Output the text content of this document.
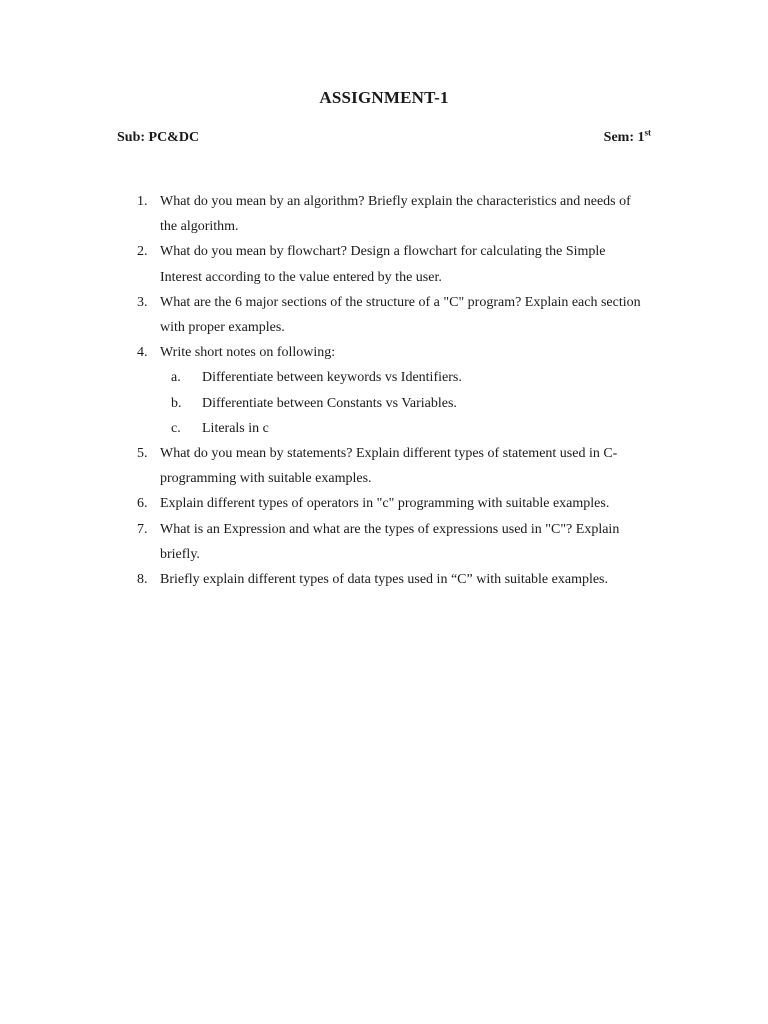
ASSIGNMENT-1
Sub: PC&DC	Sem: 1st
1. What do you mean by an algorithm? Briefly explain the characteristics and needs of the algorithm.
2. What do you mean by flowchart? Design a flowchart for calculating the Simple Interest according to the value entered by the user.
3. What are the 6 major sections of the structure of a "C" program? Explain each section with proper examples.
4. Write short notes on following:
a. Differentiate between keywords vs Identifiers.
b. Differentiate between Constants vs Variables.
c. Literals in c
5. What do you mean by statements? Explain different types of statement used in C-programming with suitable examples.
6. Explain different types of operators in "c" programming with suitable examples.
7. What is an Expression and what are the types of expressions used in "C"? Explain briefly.
8. Briefly explain different types of data types used in “C” with suitable examples.
